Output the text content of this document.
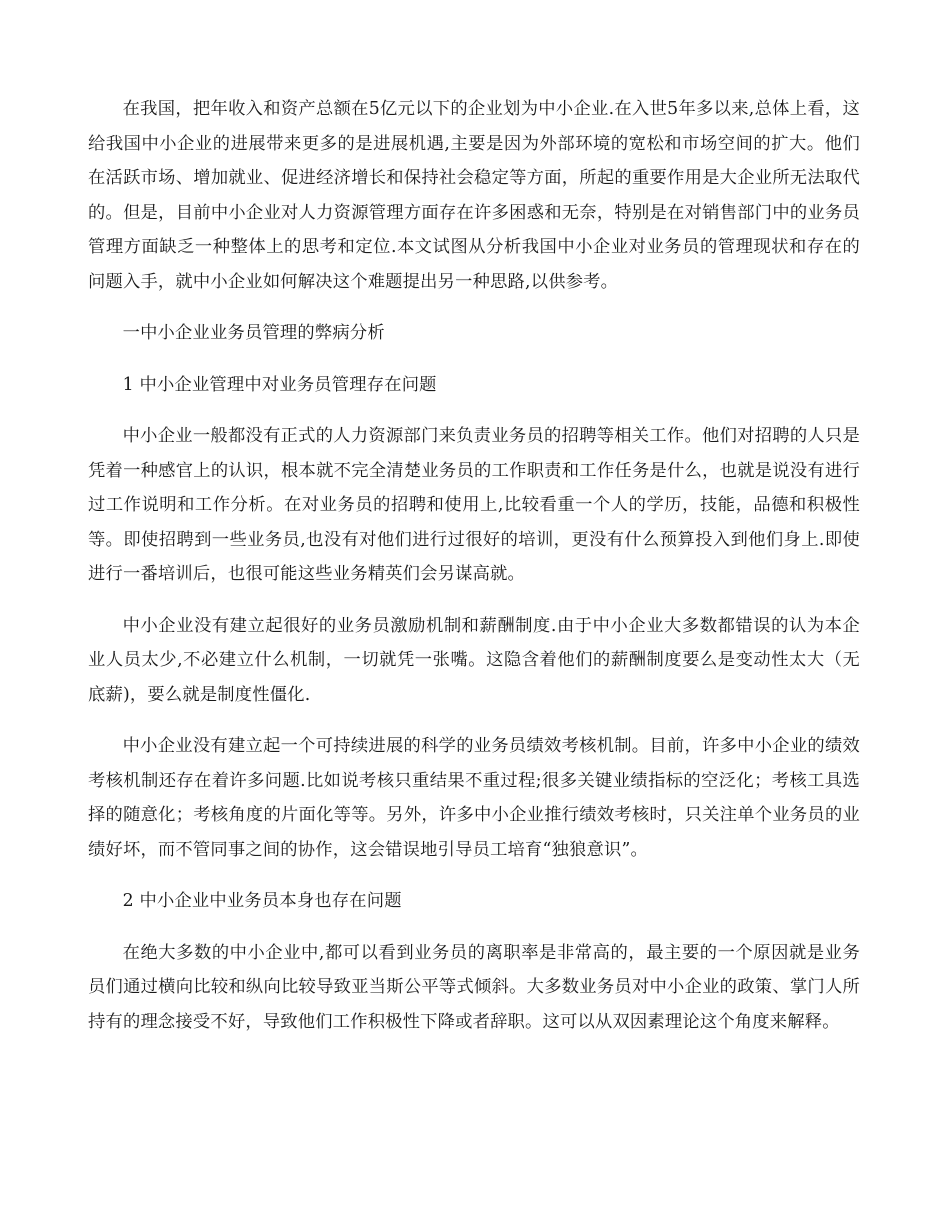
在我国，把年收入和资产总额在5亿元以下的企业划为中小企业.在入世5年多以来,总体上看，这给我国中小企业的进展带来更多的是进展机遇,主要是因为外部环境的宽松和市场空间的扩大。他们在活跃市场、增加就业、促进经济增长和保持社会稳定等方面，所起的重要作用是大企业所无法取代的。但是，目前中小企业对人力资源管理方面存在许多困惑和无奈，特别是在对销售部门中的业务员管理方面缺乏一种整体上的思考和定位.本文试图从分析我国中小企业对业务员的管理现状和存在的问题入手，就中小企业如何解决这个难题提出另一种思路,以供参考。

一中小企业业务员管理的弊病分析

1 中小企业管理中对业务员管理存在问题

中小企业一般都没有正式的人力资源部门来负责业务员的招聘等相关工作。他们对招聘的人只是凭着一种感官上的认识，根本就不完全清楚业务员的工作职责和工作任务是什么，也就是说没有进行过工作说明和工作分析。在对业务员的招聘和使用上,比较看重一个人的学历，技能，品德和积极性等。即使招聘到一些业务员,也没有对他们进行过很好的培训，更没有什么预算投入到他们身上.即使进行一番培训后，也很可能这些业务精英们会另谋高就。

中小企业没有建立起很好的业务员激励机制和薪酬制度.由于中小企业大多数都错误的认为本企业人员太少,不必建立什么机制，一切就凭一张嘴。这隐含着他们的薪酬制度要么是变动性太大（无底薪)，要么就是制度性僵化.

中小企业没有建立起一个可持续进展的科学的业务员绩效考核机制。目前，许多中小企业的绩效考核机制还存在着许多问题.比如说考核只重结果不重过程;很多关键业绩指标的空泛化；考核工具选择的随意化；考核角度的片面化等等。另外，许多中小企业推行绩效考核时，只关注单个业务员的业绩好坏，而不管同事之间的协作，这会错误地引导员工培育“独狼意识”。

2 中小企业中业务员本身也存在问题

在绝大多数的中小企业中,都可以看到业务员的离职率是非常高的，最主要的一个原因就是业务员们通过横向比较和纵向比较导致亚当斯公平等式倾斜。大多数业务员对中小企业的政策、掌门人所持有的理念接受不好，导致他们工作积极性下降或者辞职。这可以从双因素理论这个角度来解释。
